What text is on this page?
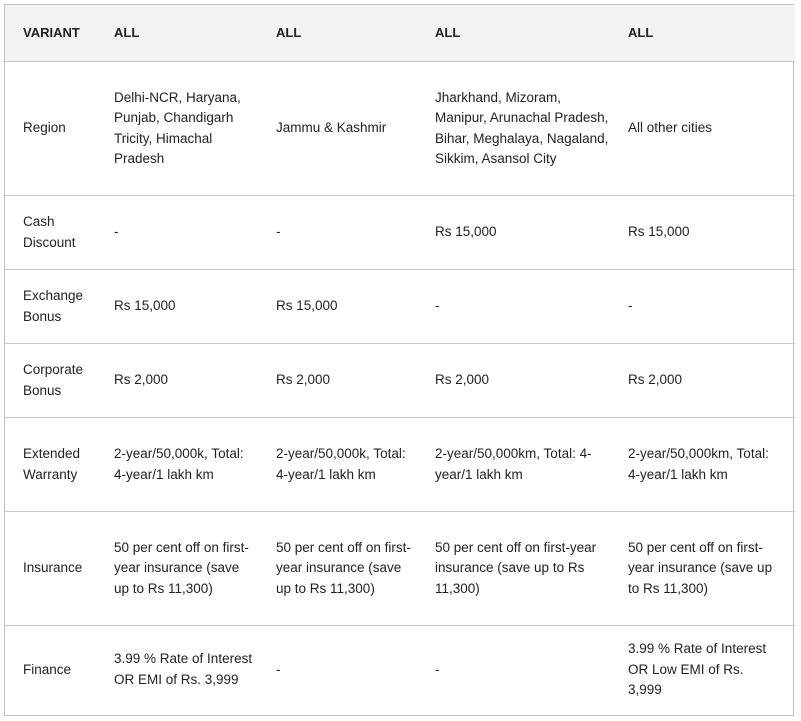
VARIANT	ALL	ALL	ALL	ALL
Region	Delhi-NCR, Haryana, Punjab, Chandigarh Tricity, Himachal Pradesh	Jammu & Kashmir	Jharkhand, Mizoram, Manipur, Arunachal Pradesh, Bihar, Meghalaya, Nagaland, Sikkim, Asansol City	All other cities
Cash Discount	-	-	Rs 15,000	Rs 15,000
Exchange Bonus	Rs 15,000	Rs 15,000	-	-
Corporate Bonus	Rs 2,000	Rs 2,000	Rs 2,000	Rs 2,000
Extended Warranty	2-year/50,000k, Total: 4-year/1 lakh km	2-year/50,000k, Total: 4-year/1 lakh km	2-year/50,000km, Total: 4-year/1 lakh km	2-year/50,000km, Total: 4-year/1 lakh km
Insurance	50 per cent off on first-year insurance (save up to Rs 11,300)	50 per cent off on first-year insurance (save up to Rs 11,300)	50 per cent off on first-year insurance (save up to Rs 11,300)	50 per cent off on first-year insurance (save up to Rs 11,300)
Finance	3.99 % Rate of Interest OR EMI of Rs. 3,999	-	-	3.99 % Rate of Interest OR Low EMI of Rs. 3,999
